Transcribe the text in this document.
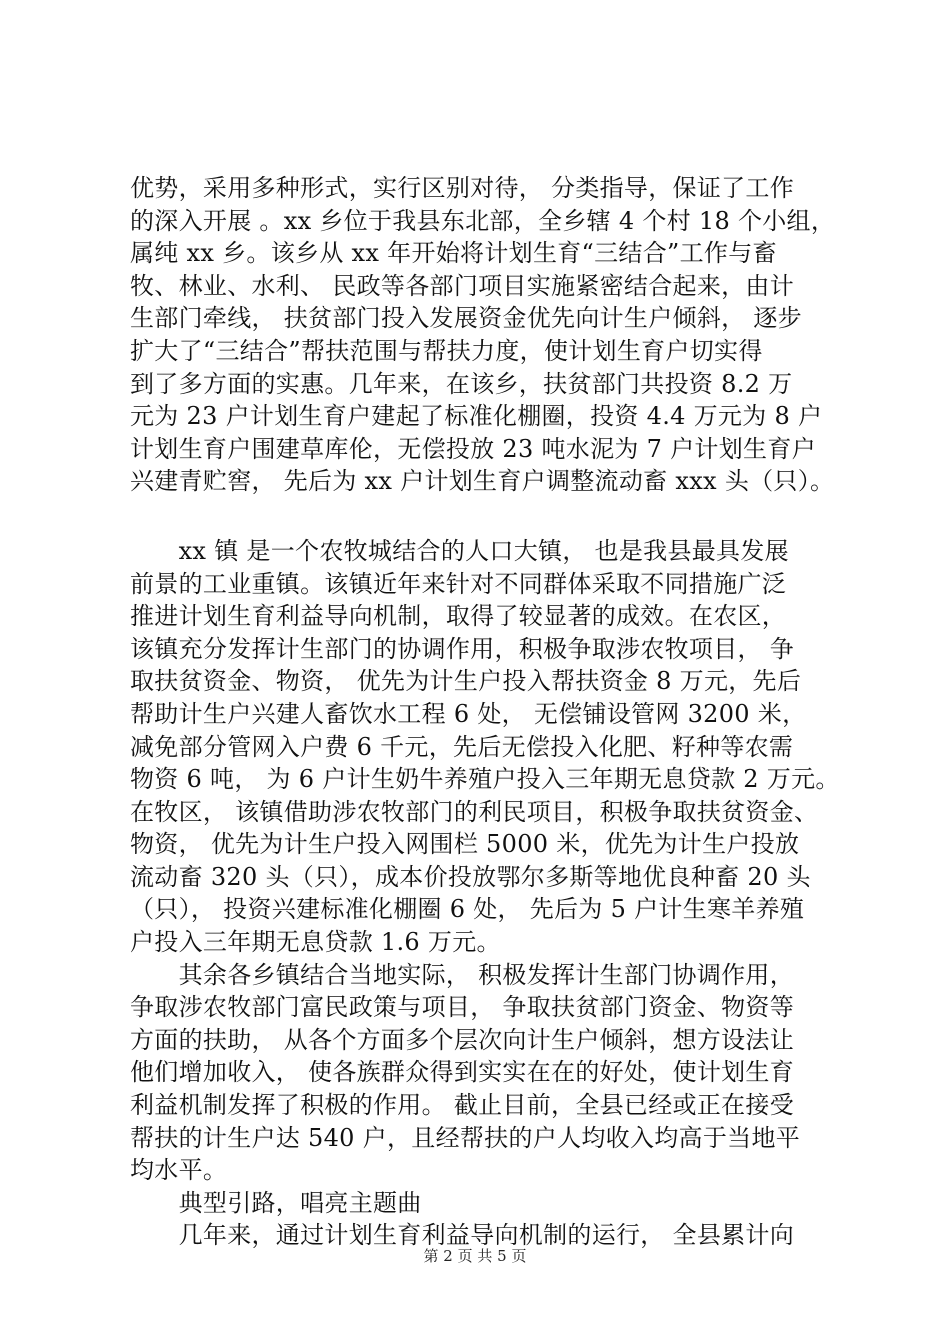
优势，采用多种形式，实行区别对待， 分类指导，保证了工作
的深入开展 。xx 乡位于我县东北部，全乡辖 4 个村 18 个小组，
属纯 xx 乡。该乡从 xx 年开始将计划生育“三结合”工作与畜
牧、林业、水利、 民政等各部门项目实施紧密结合起来，由计
生部门牵线， 扶贫部门投入发展资金优先向计生户倾斜， 逐步
扩大了“三结合”帮扶范围与帮扶力度，使计划生育户切实得
到了多方面的实惠。几年来，在该乡，扶贫部门共投资 8.2 万
元为 23 户计划生育户建起了标准化棚圈，投资 4.4 万元为 8 户
计划生育户围建草库伦，无偿投放 23 吨水泥为 7 户计划生育户
兴建青贮窖， 先后为 xx 户计划生育户调整流动畜 xxx 头（只）。
　　xx 镇 是一个农牧城结合的人口大镇， 也是我县最具发展
前景的工业重镇。该镇近年来针对不同群体采取不同措施广泛
推进计划生育利益导向机制，取得了较显著的成效。在农区，
该镇充分发挥计生部门的协调作用，积极争取涉农牧项目， 争
取扶贫资金、物资， 优先为计生户投入帮扶资金 8 万元，先后
帮助计生户兴建人畜饮水工程 6 处， 无偿铺设管网 3200 米，
减免部分管网入户费 6 千元，先后无偿投入化肥、籽种等农需
物资 6 吨， 为 6 户计生奶牛养殖户投入三年期无息贷款 2 万元。
在牧区， 该镇借助涉农牧部门的利民项目，积极争取扶贫资金、
物资， 优先为计生户投入网围栏 5000 米，优先为计生户投放
流动畜 320 头（只），成本价投放鄂尔多斯等地优良种畜 20 头
（只）， 投资兴建标准化棚圈 6 处， 先后为 5 户计生寒羊养殖
户投入三年期无息贷款 1.6 万元。
　　其余各乡镇结合当地实际， 积极发挥计生部门协调作用，
争取涉农牧部门富民政策与项目， 争取扶贫部门资金、物资等
方面的扶助， 从各个方面多个层次向计生户倾斜，想方设法让
他们增加收入， 使各族群众得到实实在在的好处，使计划生育
利益机制发挥了积极的作用。 截止目前，全县已经或正在接受
帮扶的计生户达 540 户，且经帮扶的户人均收入均高于当地平
均水平。
　　典型引路，唱亮主题曲
　　几年来，通过计划生育利益导向机制的运行， 全县累计向
第 2 页 共 5 页
